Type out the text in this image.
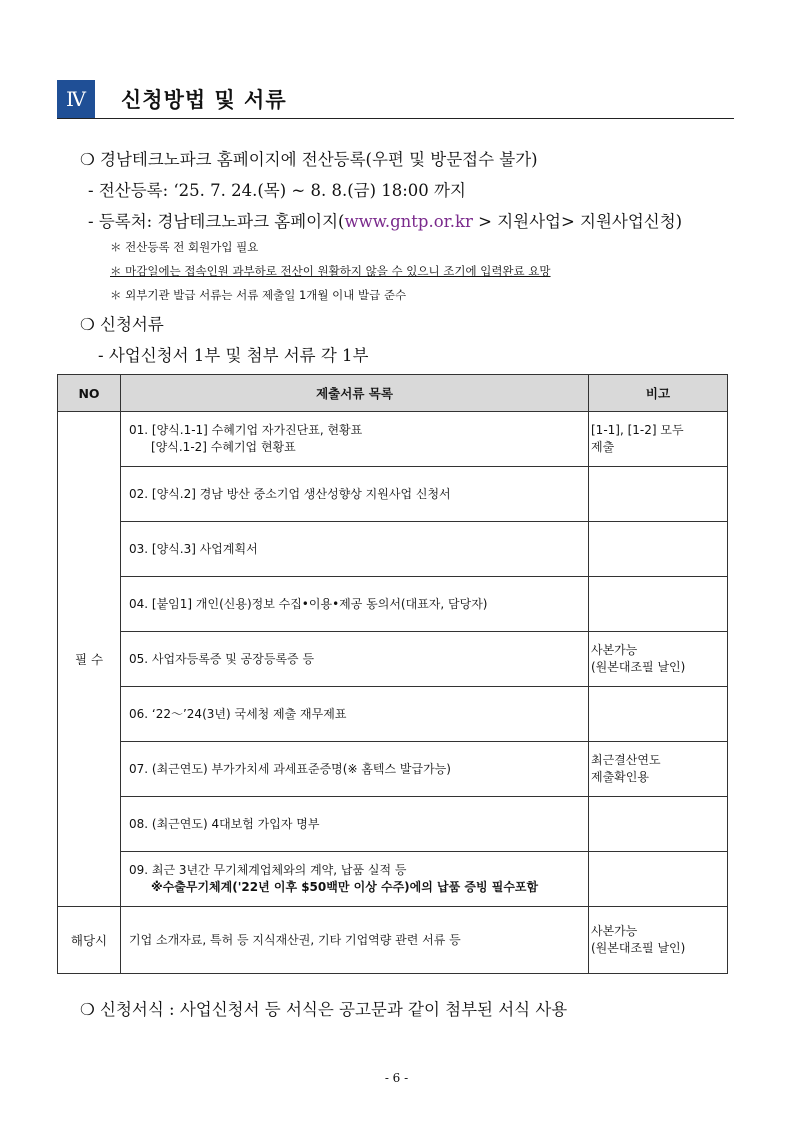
Ⅳ	신청방법 및 서류
❍ 경남테크노파크 홈페이지에 전산등록(우편 및 방문접수 불가)
- 전산등록: ‘25. 7. 24.(목) ~ 8. 8.(금) 18:00 까지
- 등록처: 경남테크노파크 홈페이지(www.gntp.or.kr > 지원사업> 지원사업신청)
＊ 전산등록 전 회원가입 필요
＊ 마감일에는 접속인원 과부하로 전산이 원활하지 않을 수 있으니 조기에 입력완료 요망
＊ 외부기관 발급 서류는 서류 제출일 1개월 이내 발급 준수
❍ 신청서류
- 사업신청서 1부 및 첨부 서류 각 1부
NO	제출서류 목록	비고
필 수	01. [양식.1-1] 수혜기업 자가진단표, 현황표
[양식.1-2] 수혜기업 현황표	[1-1], [1-2] 모두
제출
	02. [양식.2] 경남 방산 중소기업 생산성향상 지원사업 신청서	
	03. [양식.3] 사업계획서	
	04. [붙임1] 개인(신용)정보 수집•이용•제공 동의서(대표자, 담당자)	
	05. 사업자등록증 및 공장등록증 등	사본가능
(원본대조필 날인)
	06. ‘22～’24(3년) 국세청 제출 재무제표	
	07. (최근연도) 부가가치세 과세표준증명(※ 홈텍스 발급가능)	최근결산연도
제출확인용
	08. (최근연도) 4대보험 가입자 명부	
	09. 최근 3년간 무기체계업체와의 계약, 납품 실적 등
※수출무기체계('22년 이후 $50백만 이상 수주)에의 납품 증빙 필수포함	

해당시	기업 소개자료, 특허 등 지식재산권, 기타 기업역량 관련 서류 등	사본가능
(원본대조필 날인)
❍ 신청서식 : 사업신청서 등 서식은 공고문과 같이 첨부된 서식 사용
- 6 -
